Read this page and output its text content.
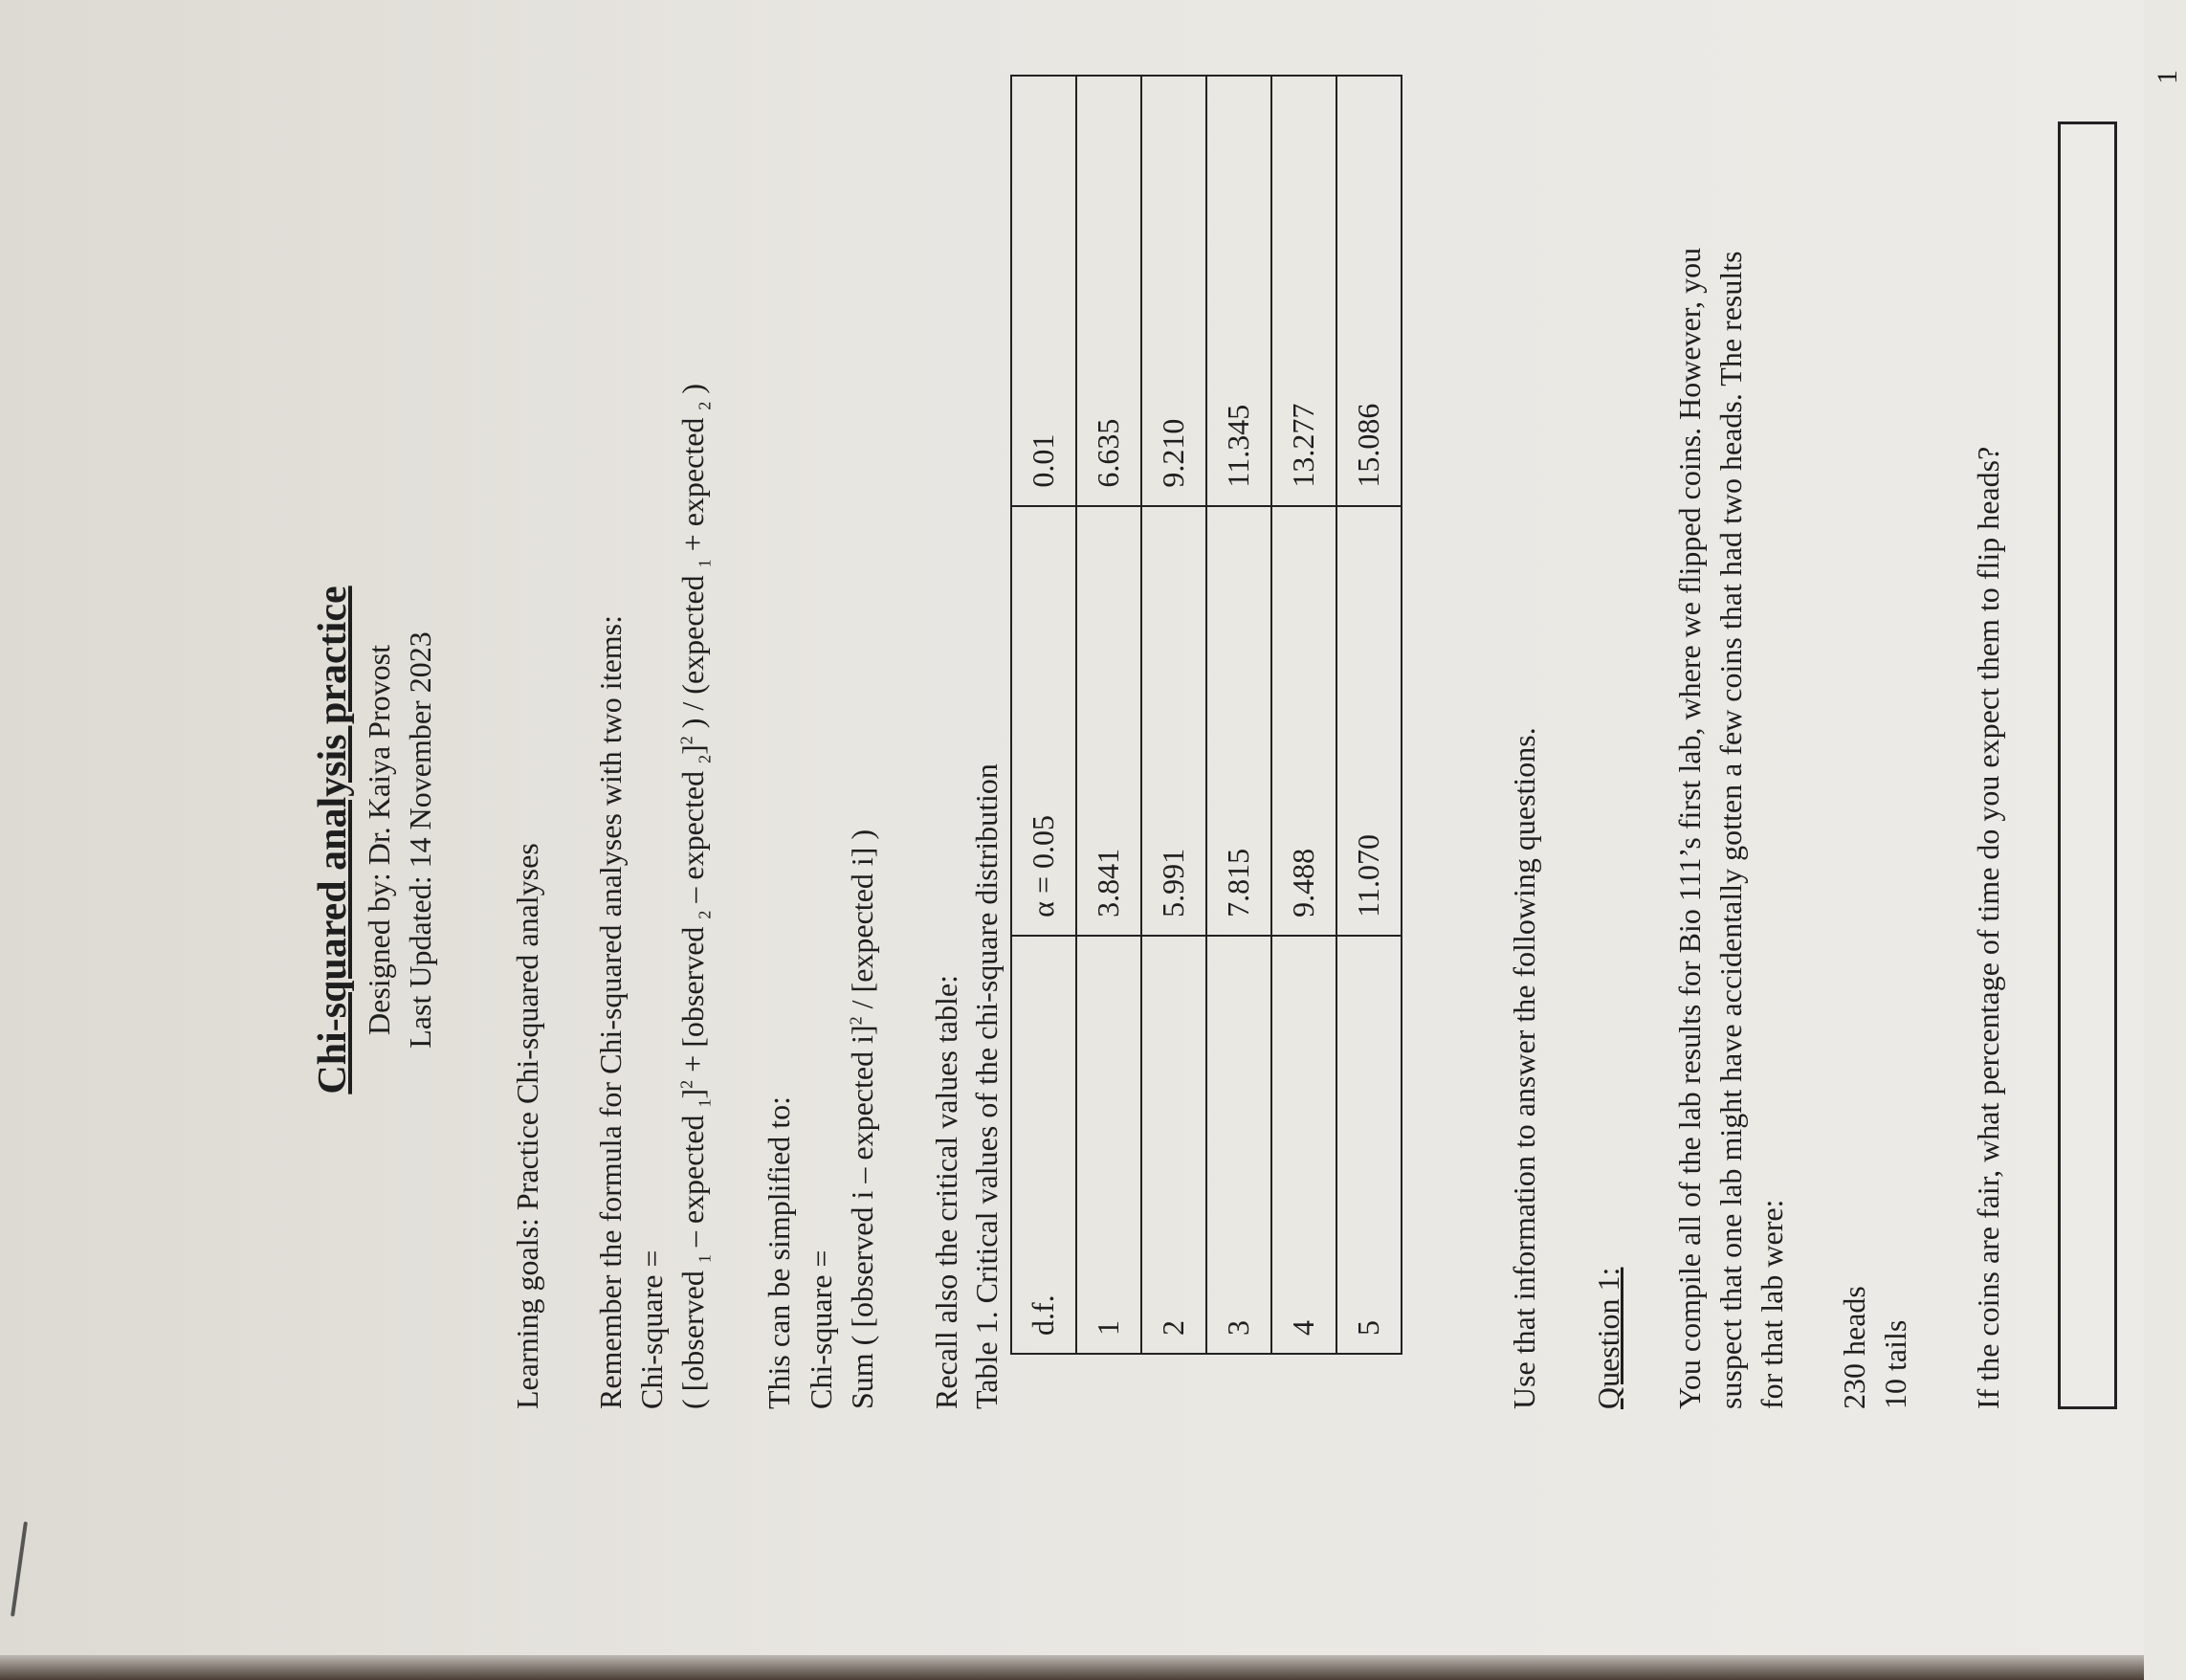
Chi-squared analysis practice Designed by: Dr. Kaiya Provost Last Updated: 14 November 2023
Learning goals: Practice Chi-squared analyses Remember the formula for Chi-squared analyses with two items: Chi-square = ( [observed $_1$ – expected $_1$]$^2$ + [observed $_2$ – expected $_2$]$^2$ ) / (expected $_1$ + expected $_2$ )
This can be simplified to: Chi-square = Sum ( [observed i – expected i]$^2$ / [expected i] )
Recall also the critical values table: Table 1. Critical values of the chi-square distribution d.f.	α = 0.05	0.01
1	3.841	6.635
2	5.991	9.210
3	7.815	11.345
4	9.488	13.277
5	11.070	15.086
Use that information to answer the following questions. Question 1: You compile all of the lab results for Bio 111’s first lab, where we flipped coins. However, you suspect that one lab might have accidentally gotten a few coins that had two heads. The results for that lab were: 230 heads 10 tails If the coins are fair, what percentage of time do you expect them to flip heads?
1
